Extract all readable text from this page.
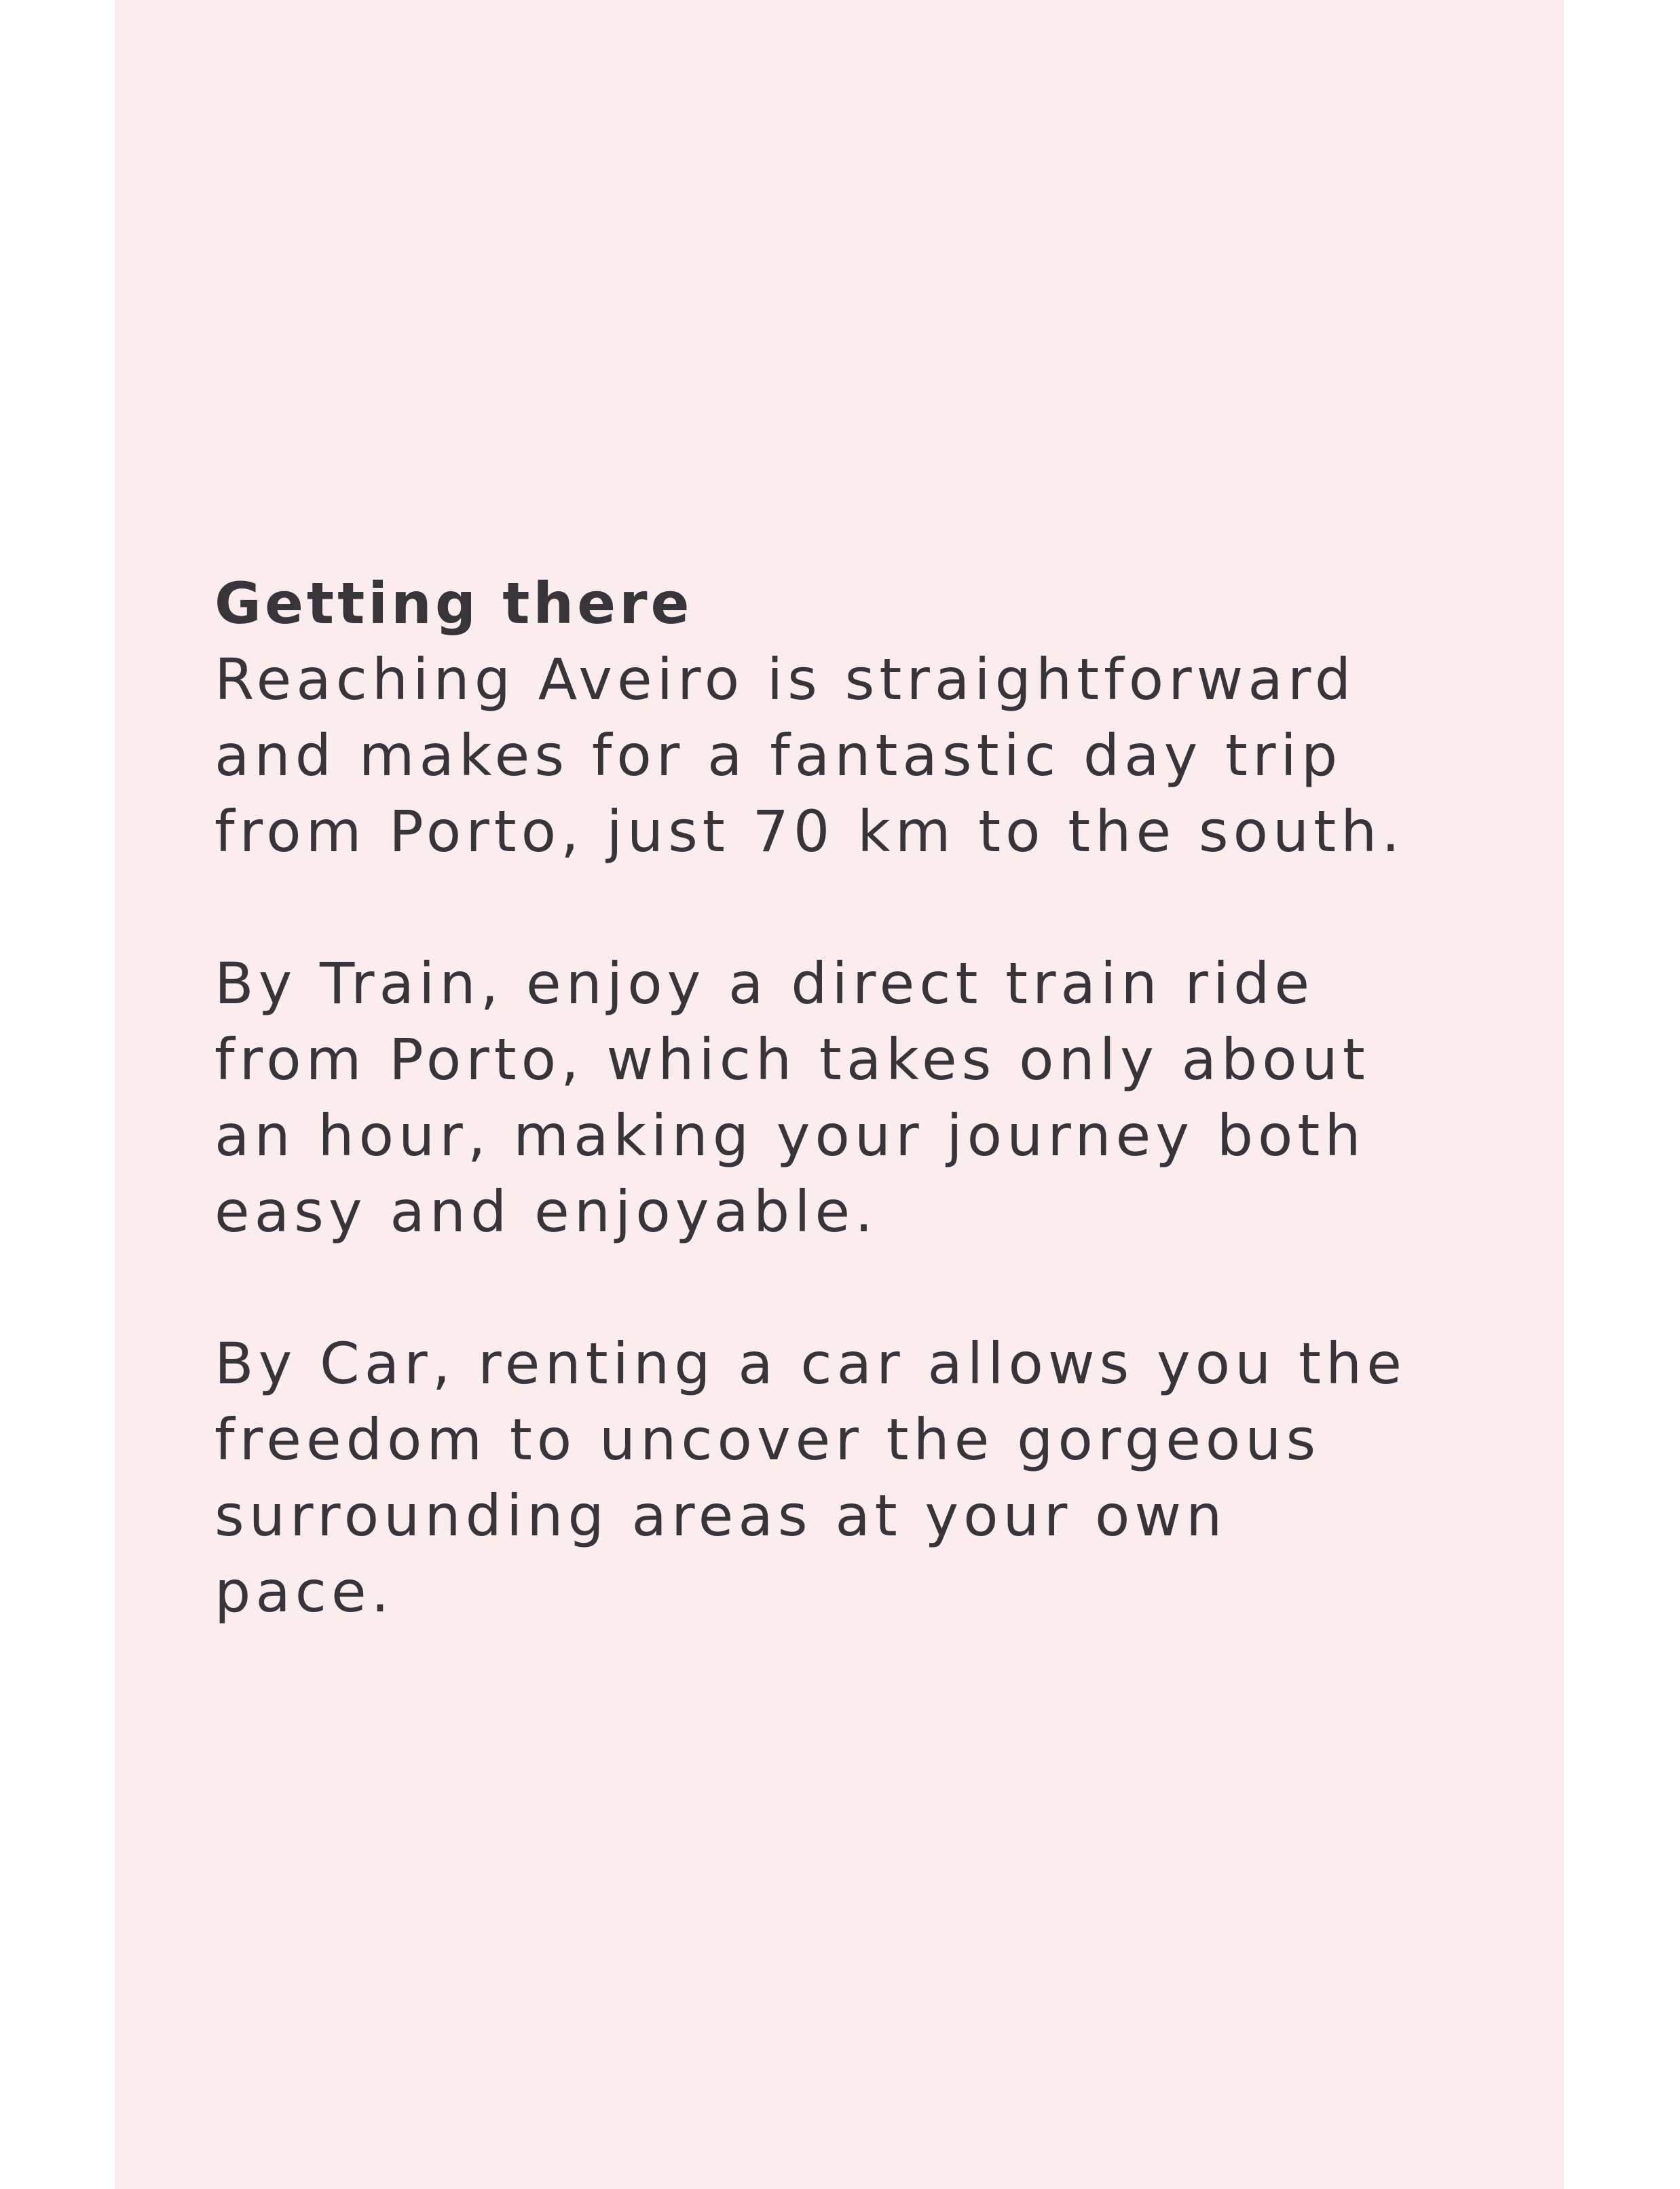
Getting there

Reaching Aveiro is straightforward
and makes for a fantastic day trip
from Porto, just 70 km to the south.

By Train, enjoy a direct train ride
from Porto, which takes only about
an hour, making your journey both
easy and enjoyable.

By Car, renting a car allows you the
freedom to uncover the gorgeous
surrounding areas at your own
pace.
